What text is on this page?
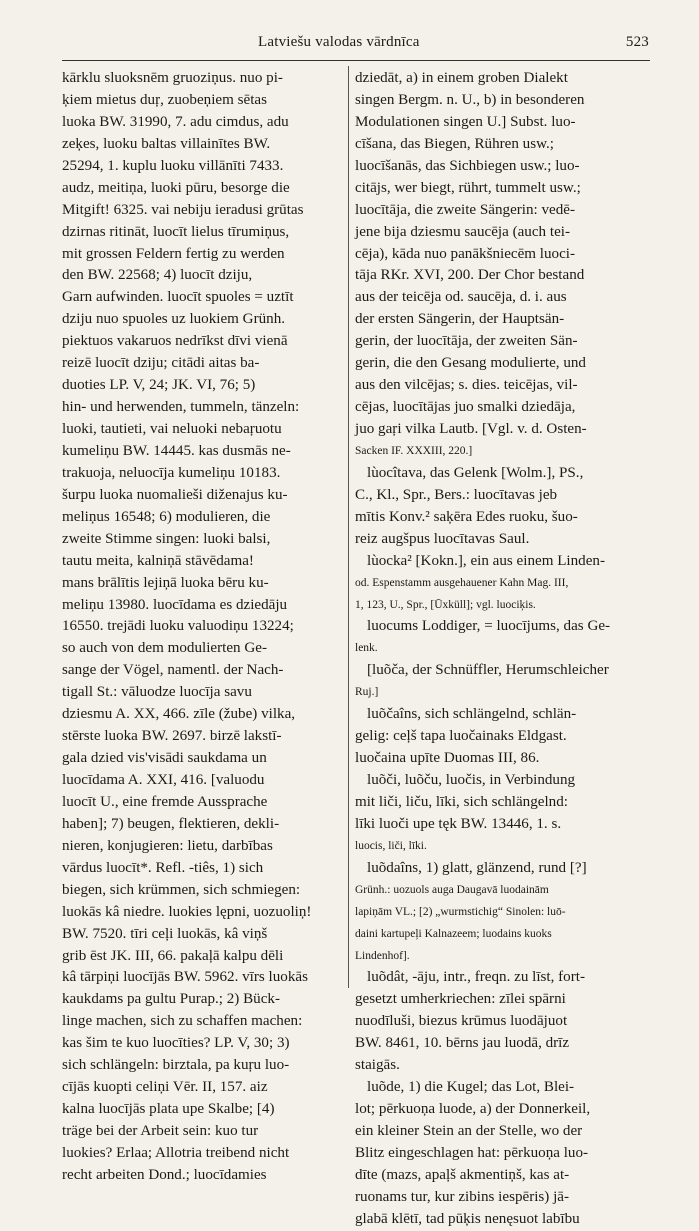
Latviešu valodas vārdnīca	523
kārklu sluoksnēm gruoziņus. nuo pi-
ķiem mietus duŗ, zuobeņiem sētas
luoka BW. 31990, 7. adu cimdus, adu
zeķes, luoku baltas villainītes BW.
25294, 1. kuplu luoku villānīti 7433.
audz, meitiņa, luoki pūru, besorge die
Mitgift! 6325. vai nebiju ieradusi grūtas
dzirnas ritināt, luocīt lielus tīrumiņus,
mit grossen Feldern fertig zu werden
den BW. 22568; 4) luocīt dziju,
Garn aufwinden. luocīt spuoles = uztīt
dziju nuo spuoles uz luokiem Grünh.
piektuos vakaruos nedrīkst dīvi vienā
reizē luocīt dziju; citādi aitas ba-
duoties LP. V, 24; JK. VI, 76; 5)
hin- und herwenden, tummeln, tänzeln:
luoki, tautieti, vai neluoki nebaŗuotu
kumeliņu BW. 14445. kas dusmās ne-
trakuoja, neluocīja kumeliņu 10183.
šurpu luoka nuomalieši diženajus ku-
meliņus 16548; 6) modulieren, die
zweite Stimme singen: luoki balsi,
tautu meita, kalniņā stāvēdama!
mans brālītis lejiņā luoka bēru ku-
meliņu 13980. luocīdama es dziedāju
16550. trejādi luoku valuodiņu 13224;
so auch von dem modulierten Ge-
sange der Vögel, namentl. der Nach-
tigall St.: vāluodze luocīja savu
dziesmu A. XX, 466. zīle (žube) vilka,
stērste luoka BW. 2697. birzē lakstī-
gala dzied vis'visādi saukdama un
luocīdama A. XXI, 416. [valuodu
luocīt U., eine fremde Aussprache
haben]; 7) beugen, flektieren, dekli-
nieren, konjugieren: lietu, darbības
vārdus luocīt*. Refl. -tiês, 1) sich
biegen, sich krümmen, sich schmiegen:
luokās kâ niedre. luokies lępni, uozuoliņ!
BW. 7520. tīri ceļi luokās, kâ viņš
grib ēst JK. III, 66. pakaļā kalpu dēli
kâ tārpiņi luocījās BW. 5962. vīrs luokās
kaukdams pa gultu Purap.; 2) Bück-
linge machen, sich zu schaffen machen:
kas šim te kuo luocīties? LP. V, 30; 3)
sich schlängeln: birztala, pa kuŗu luo-
cījās kuopti celiņi Vēr. II, 157. aiz
kalna luocījās plata upe Skalbe; [4)
träge bei der Arbeit sein: kuo tur
luokies? Erlaa; Allotria treibend nicht
recht arbeiten Dond.; luocīdamies
dziedāt, a) in einem groben Dialekt
singen Bergm. n. U., b) in besonderen
Modulationen singen U.] Subst. luo-
cīšana, das Biegen, Rühren usw.;
luocīšanās, das Sichbiegen usw.; luo-
citājs, wer biegt, rührt, tummelt usw.;
luocītāja, die zweite Sängerin: vedē-
jene bija dziesmu saucēja (auch tei-
cēja), kāda nuo panākšniecēm luoci-
tāja RKr. XVI, 200. Der Chor bestand
aus der teicēja od. saucēja, d. i. aus
der ersten Sängerin, der Hauptsän-
gerin, der luocītāja, der zweiten Sän-
gerin, die den Gesang modulierte, und
aus den vilcējas; s. dies. teicējas, vil-
cējas, luocītājas juo smalki dziedāja,
juo gaŗi vilka Lautb. [Vgl. v. d. Osten-
Sacken IF. XXXIII, 220.]
lùocîtava, das Gelenk [Wolm.], PS.,
C., Kl., Spr., Bers.: luocītavas jeb
mītis Konv.² saķēra Edes ruoku, šuo-
reiz augšpus luocītavas Saul.
lùocka² [Kokn.], ein aus einem Linden-
od. Espenstamm ausgehauener Kahn Mag. III,
1, 123, U., Spr., [Ūxküll]; vgl. luociķis.
luocums Loddiger, = luocījums, das Ge-
lenk.
[luõča, der Schnüffler, Herumschleicher
Ruj.]
luõčaîns, sich schlängelnd, schlän-
gelig: ceļš tapa luočainaks Eldgast.
luočaina upīte Duomas III, 86.
luõči, luõču, luočis, in Verbindung
mit liči, liču, līki, sich schlängelnd:
līki luoči upe tęk BW. 13446, 1. s.
luocis, liči, līki.
luõdaîns, 1) glatt, glänzend, rund [?]
Grünh.: uozuols auga Daugavā luodainām
lapiņām VL.; [2) „wurmstichig“ Sinolen: luō-
daini kartupeļi Kalnazeem; luodains kuoks
Lindenhof].
luõdât, -āju, intr., freqn. zu līst, fort-
gesetzt umherkriechen: zīlei spārni
nuodīluši, biezus krūmus luodājuot
BW. 8461, 10. bērns jau luodā, drīz
staigās.
luõde, 1) die Kugel; das Lot, Blei-
lot; pērkuoņa luode, a) der Donnerkeil,
ein kleiner Stein an der Stelle, wo der
Blitz eingeschlagen hat: pērkuoņa luo-
dīte (mazs, apaļš akmentiņš, kas at-
ruonams tur, kur zibins iespēris) jā-
glabā klētī, tad pūķis nenęsuot labību
